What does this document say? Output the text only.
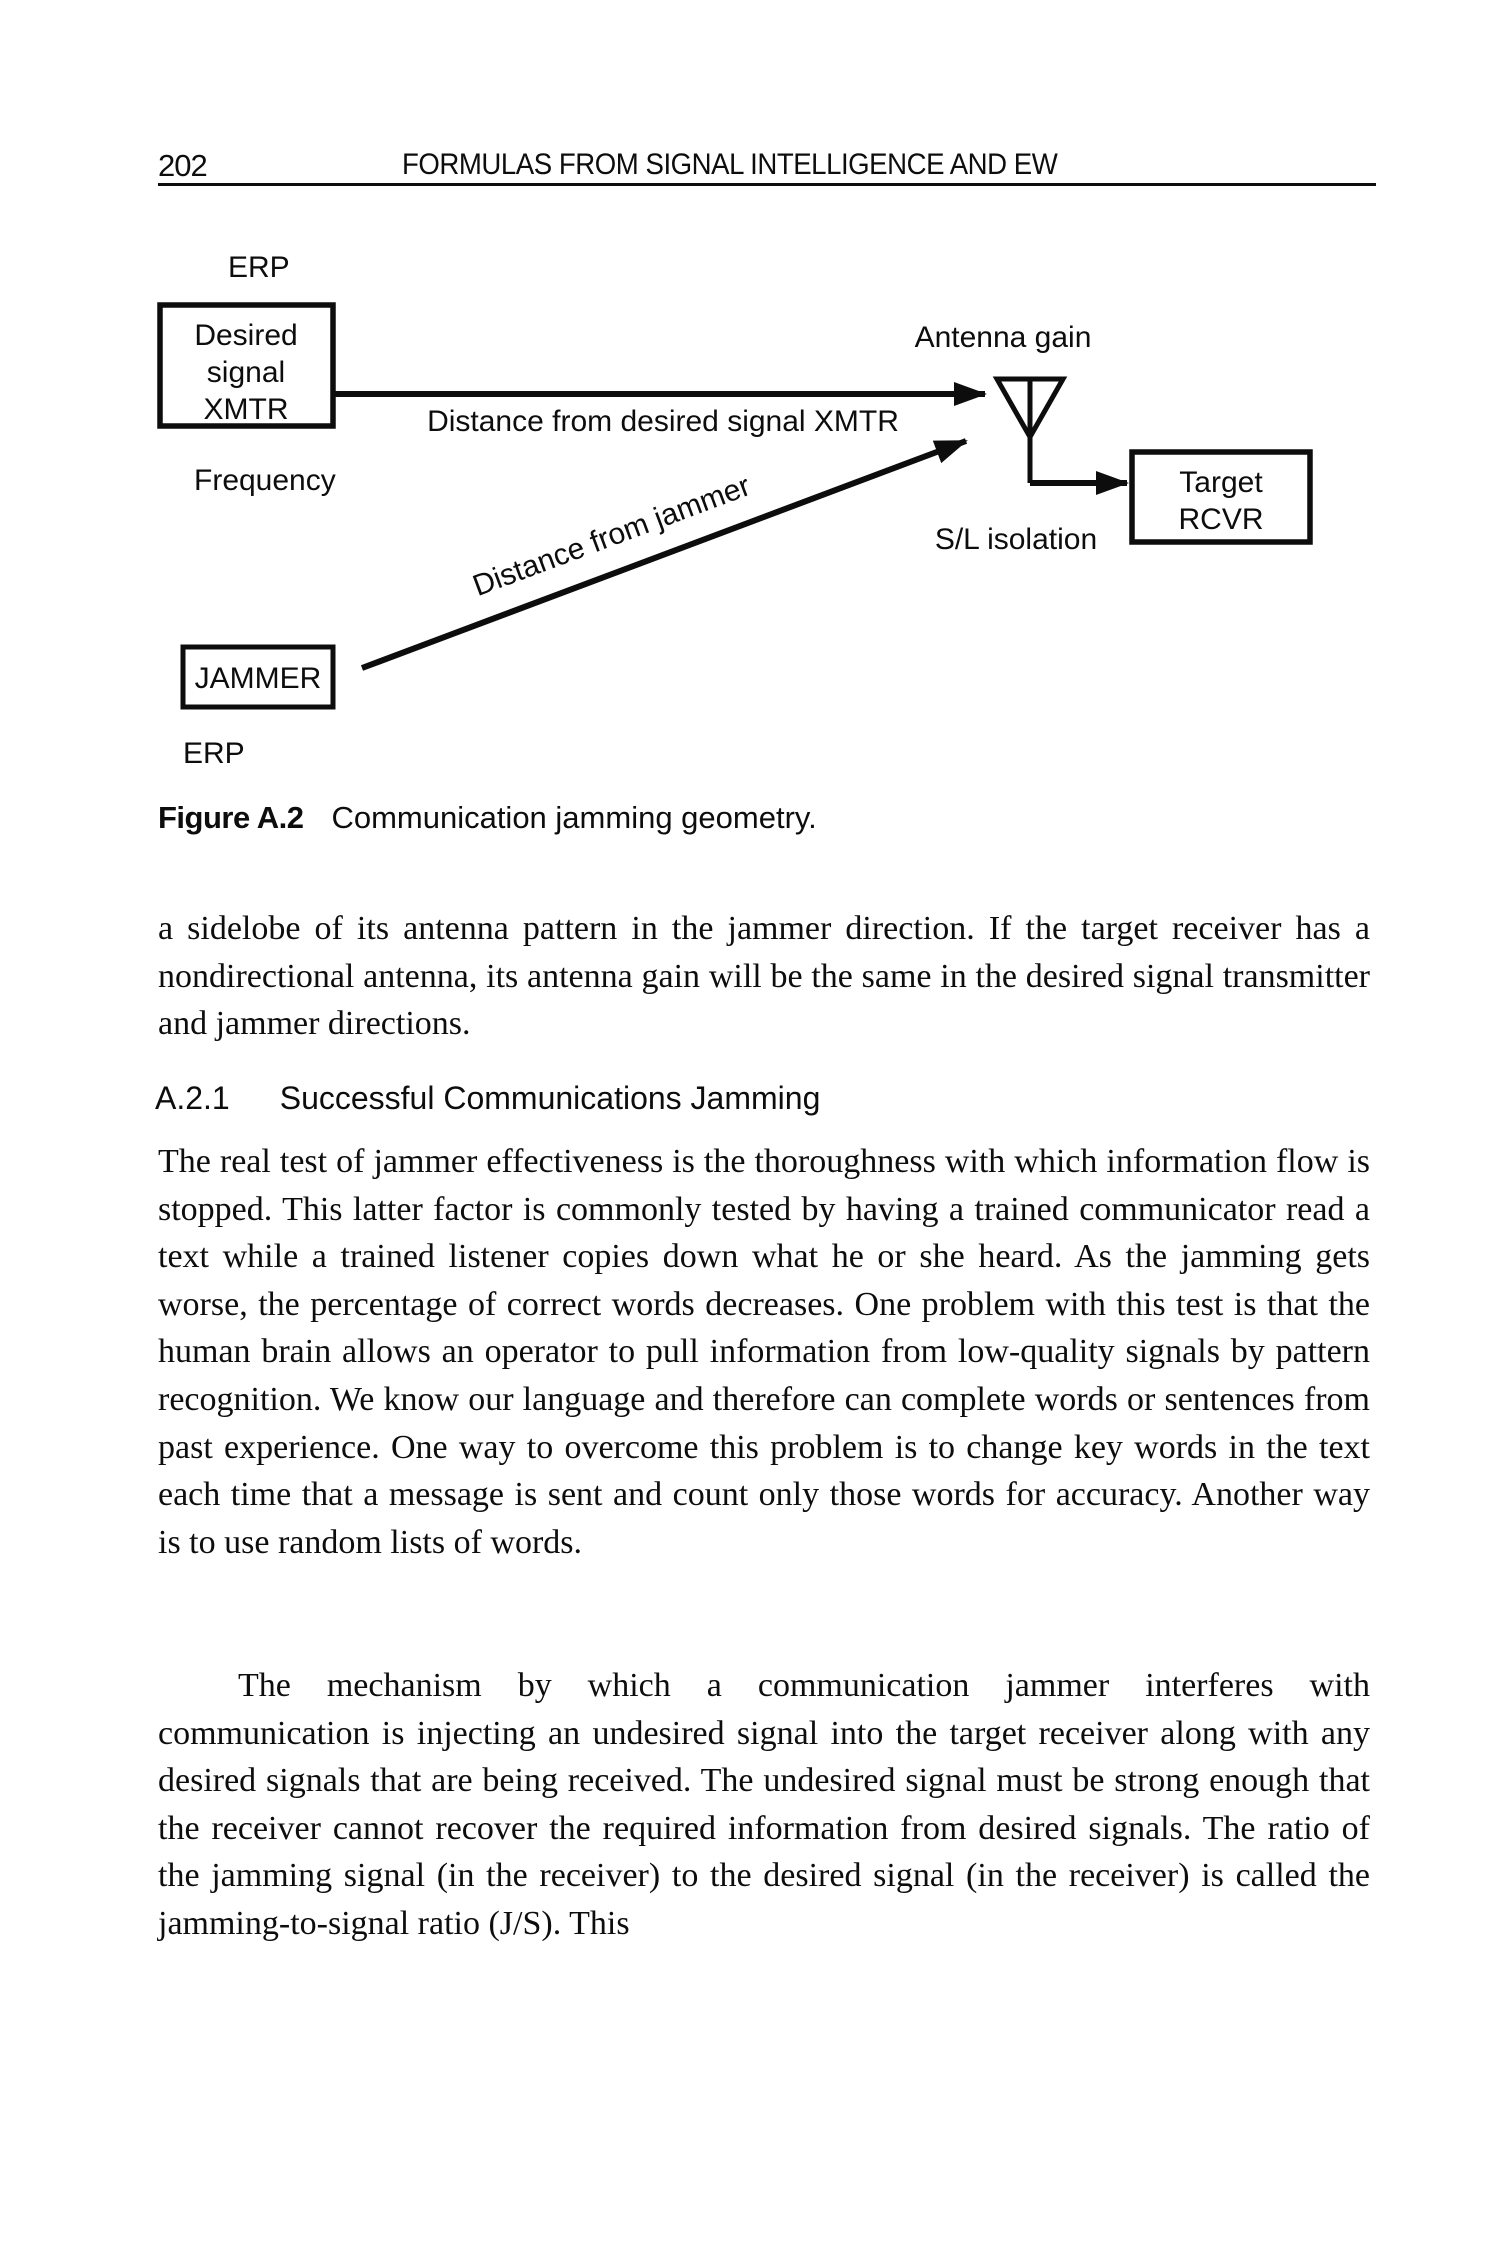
202	FORMULAS FROM SIGNAL INTELLIGENCE AND EW
ERP
Desired
signal
XMTR
Frequency
Distance from desired signal XMTR
Antenna gain
Target
RCVR
S/L isolation
Distance from jammer
JAMMER
ERP
Figure A.2 Communication jamming geometry.

a sidelobe of its antenna pattern in the jammer direction. If the target receiver has a nondirectional antenna, its antenna gain will be the same in the desired signal transmitter and jammer directions.

A.2.1 Successful Communications Jamming

The real test of jammer effectiveness is the thoroughness with which information flow is stopped. This latter factor is commonly tested by having a trained communicator read a text while a trained listener copies down what he or she heard. As the jamming gets worse, the percentage of correct words decreases. One problem with this test is that the human brain allows an operator to pull information from low-quality signals by pattern recognition. We know our language and therefore can complete words or sentences from past experience. One way to overcome this problem is to change key words in the text each time that a message is sent and count only those words for accuracy. Another way is to use random lists of words.

The mechanism by which a communication jammer interferes with communication is injecting an undesired signal into the target receiver along with any desired signals that are being received. The undesired signal must be strong enough that the receiver cannot recover the required information from desired signals. The ratio of the jamming signal (in the receiver) to the desired signal (in the receiver) is called the jamming-to-signal ratio (J/S). This
